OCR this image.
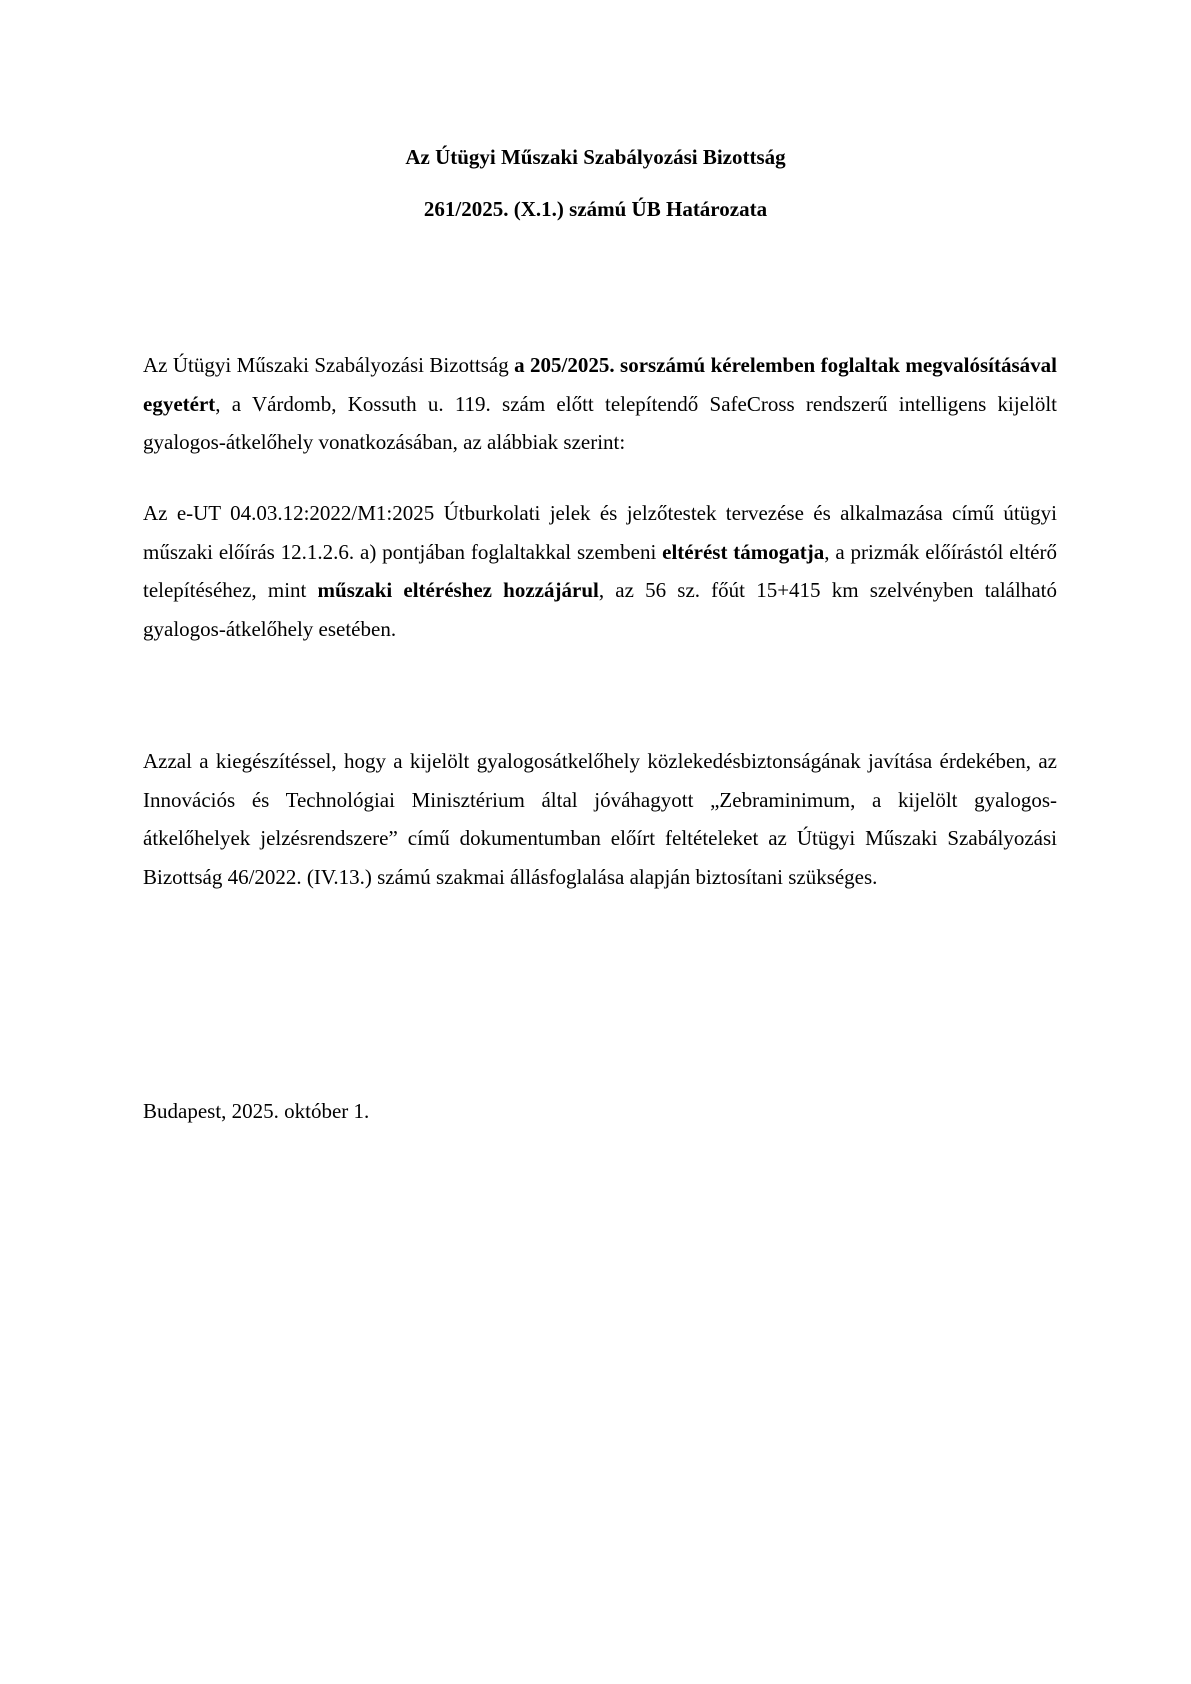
Az Útügyi Műszaki Szabályozási Bizottság
261/2025. (X.1.) számú ÚB Határozata

Az Útügyi Műszaki Szabályozási Bizottság a 205/2025. sorszámú kérelemben foglaltak megvalósításával egyetért, a Várdomb, Kossuth u. 119. szám előtt telepítendő SafeCross rendszerű intelligens kijelölt gyalogos-átkelőhely vonatkozásában, az alábbiak szerint:

Az e-UT 04.03.12:2022/M1:2025 Útburkolati jelek és jelzőtestek tervezése és alkalmazása című útügyi műszaki előírás 12.1.2.6. a) pontjában foglaltakkal szembeni eltérést támogatja, a prizmák előírástól eltérő telepítéséhez, mint műszaki eltéréshez hozzájárul, az 56 sz. főút 15+415 km szelvényben található gyalogos-átkelőhely esetében.

Azzal a kiegészítéssel, hogy a kijelölt gyalogosátkelőhely közlekedésbiztonságának javítása érdekében, az Innovációs és Technológiai Minisztérium által jóváhagyott „Zebraminimum, a kijelölt gyalogos-átkelőhelyek jelzésrendszere” című dokumentumban előírt feltételeket az Útügyi Műszaki Szabályozási Bizottság 46/2022. (IV.13.) számú szakmai állásfoglalása alapján biztosítani szükséges.

Budapest, 2025. október 1.
